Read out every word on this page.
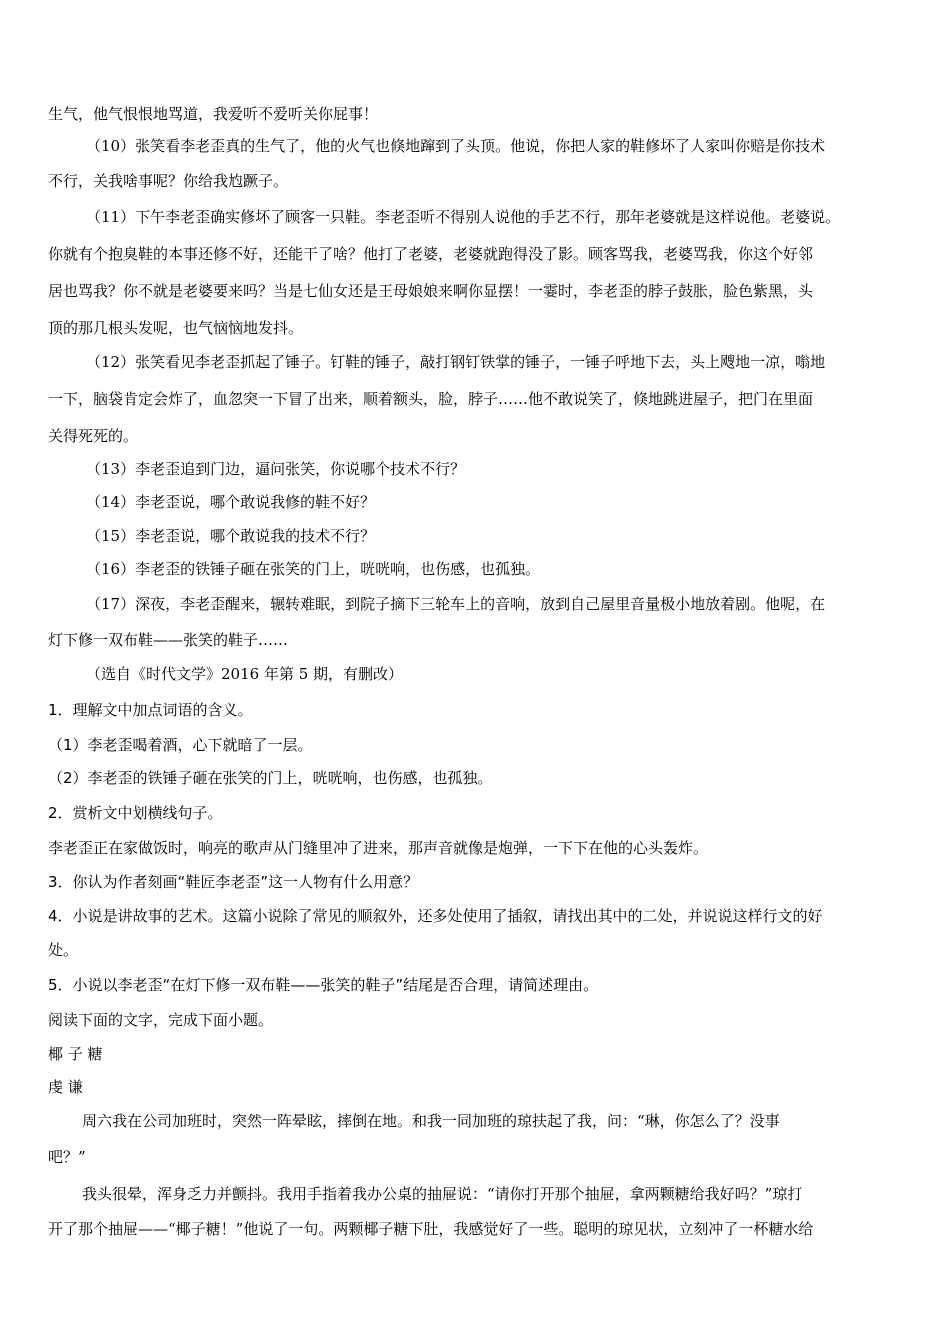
生气，他气恨恨地骂道，我爱听不爱听关你屁事！
（10）张笑看李老歪真的生气了，他的火气也倏地蹿到了头顶。他说，你把人家的鞋修坏了人家叫你赔是你技术
不行，关我啥事呢？你给我尥蹶子。
（11）下午李老歪确实修坏了顾客一只鞋。李老歪听不得别人说他的手艺不行，那年老婆就是这样说他。老婆说。
你就有个抱臭鞋的本事还修不好，还能干了啥？他打了老婆，老婆就跑得没了影。顾客骂我，老婆骂我，你这个好邻
居也骂我？你不就是老婆要来吗？当是七仙女还是王母娘娘来啊你显摆！一霎时，李老歪的脖子鼓胀，脸色紫黑，头
顶的那几根头发呢，也气恼恼地发抖。
（12）张笑看见李老歪抓起了锤子。钉鞋的锤子，敲打钢钉铁掌的锤子，一锤子呼地下去，头上飕地一凉，嗡地
一下，脑袋肯定会炸了，血忽突一下冒了出来，顺着额头，脸，脖子……他不敢说笑了，倏地跳进屋子，把门在里面
关得死死的。
（13）李老歪追到门边，逼问张笑，你说哪个技术不行？
（14）李老歪说，哪个敢说我修的鞋不好？
（15）李老歪说，哪个敢说我的技术不行？
（16）李老歪的铁锤子砸在张笑的门上，咣咣响，也伤感，也孤独。
（17）深夜，李老歪醒来，辗转难眠，到院子摘下三轮车上的音响，放到自己屋里音量极小地放着剧。他呢，在
灯下修一双布鞋——张笑的鞋子……
（选自《时代文学》2016 年第 5 期，有删改）
1．理解文中加点词语的含义。
（1）李老歪喝着酒，心下就暗了一层。
（2）李老歪的铁锤子砸在张笑的门上，咣咣响，也伤感，也孤独。
2．赏析文中划横线句子。
李老歪正在家做饭时，响亮的歌声从门缝里冲了进来，那声音就像是炮弹，一下下在他的心头轰炸。
3．你认为作者刻画“鞋匠李老歪”这一人物有什么用意？
4．小说是讲故事的艺术。这篇小说除了常见的顺叙外，还多处使用了插叙，请找出其中的二处，并说说这样行文的好
处。
5．小说以李老歪“在灯下修一双布鞋——张笑的鞋子”结尾是否合理，请简述理由。
阅读下面的文字，完成下面小题。
椰 子 糖
虔 谦
周六我在公司加班时，突然一阵晕眩，摔倒在地。和我一同加班的琼扶起了我，问：“琳，你怎么了？没事
吧？”
我头很晕，浑身乏力并颤抖。我用手指着我办公桌的抽屉说：“请你打开那个抽屉，拿两颗糖给我好吗？”琼打
开了那个抽屉——“椰子糖！”他说了一句。两颗椰子糖下肚，我感觉好了一些。聪明的琼见状，立刻冲了一杯糖水给
